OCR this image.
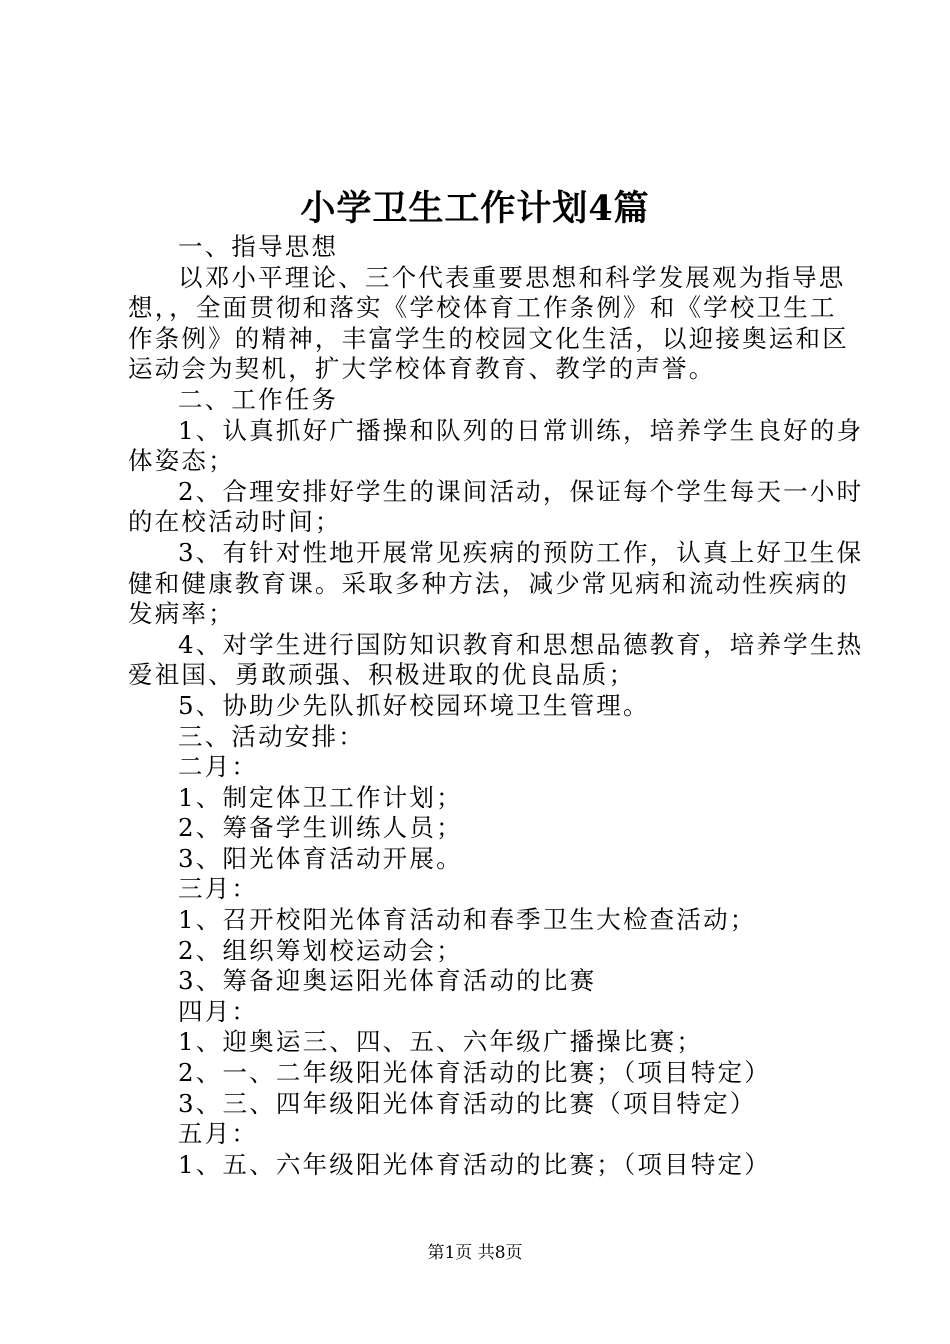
小学卫生工作计划4篇
一、指导思想
以邓小平理论、三个代表重要思想和科学发展观为指导思
想，，全面贯彻和落实《学校体育工作条例》和《学校卫生工
作条例》的精神，丰富学生的校园文化生活，以迎接奥运和区
运动会为契机，扩大学校体育教育、教学的声誉。
二、工作任务
1、认真抓好广播操和队列的日常训练，培养学生良好的身
体姿态；
2、合理安排好学生的课间活动，保证每个学生每天一小时
的在校活动时间；
3、有针对性地开展常见疾病的预防工作，认真上好卫生保
健和健康教育课。采取多种方法，减少常见病和流动性疾病的
发病率；
4、对学生进行国防知识教育和思想品德教育，培养学生热
爱祖国、勇敢顽强、积极进取的优良品质；
5、协助少先队抓好校园环境卫生管理。
三、活动安排：
二月：
1、制定体卫工作计划；
2、筹备学生训练人员；
3、阳光体育活动开展。
三月：
1、召开校阳光体育活动和春季卫生大检查活动；
2、组织筹划校运动会；
3、筹备迎奥运阳光体育活动的比赛
四月：
1、迎奥运三、四、五、六年级广播操比赛；
2、一、二年级阳光体育活动的比赛；（项目特定）
3、三、四年级阳光体育活动的比赛（项目特定）
五月：
1、五、六年级阳光体育活动的比赛；（项目特定）
第1页 共8页
